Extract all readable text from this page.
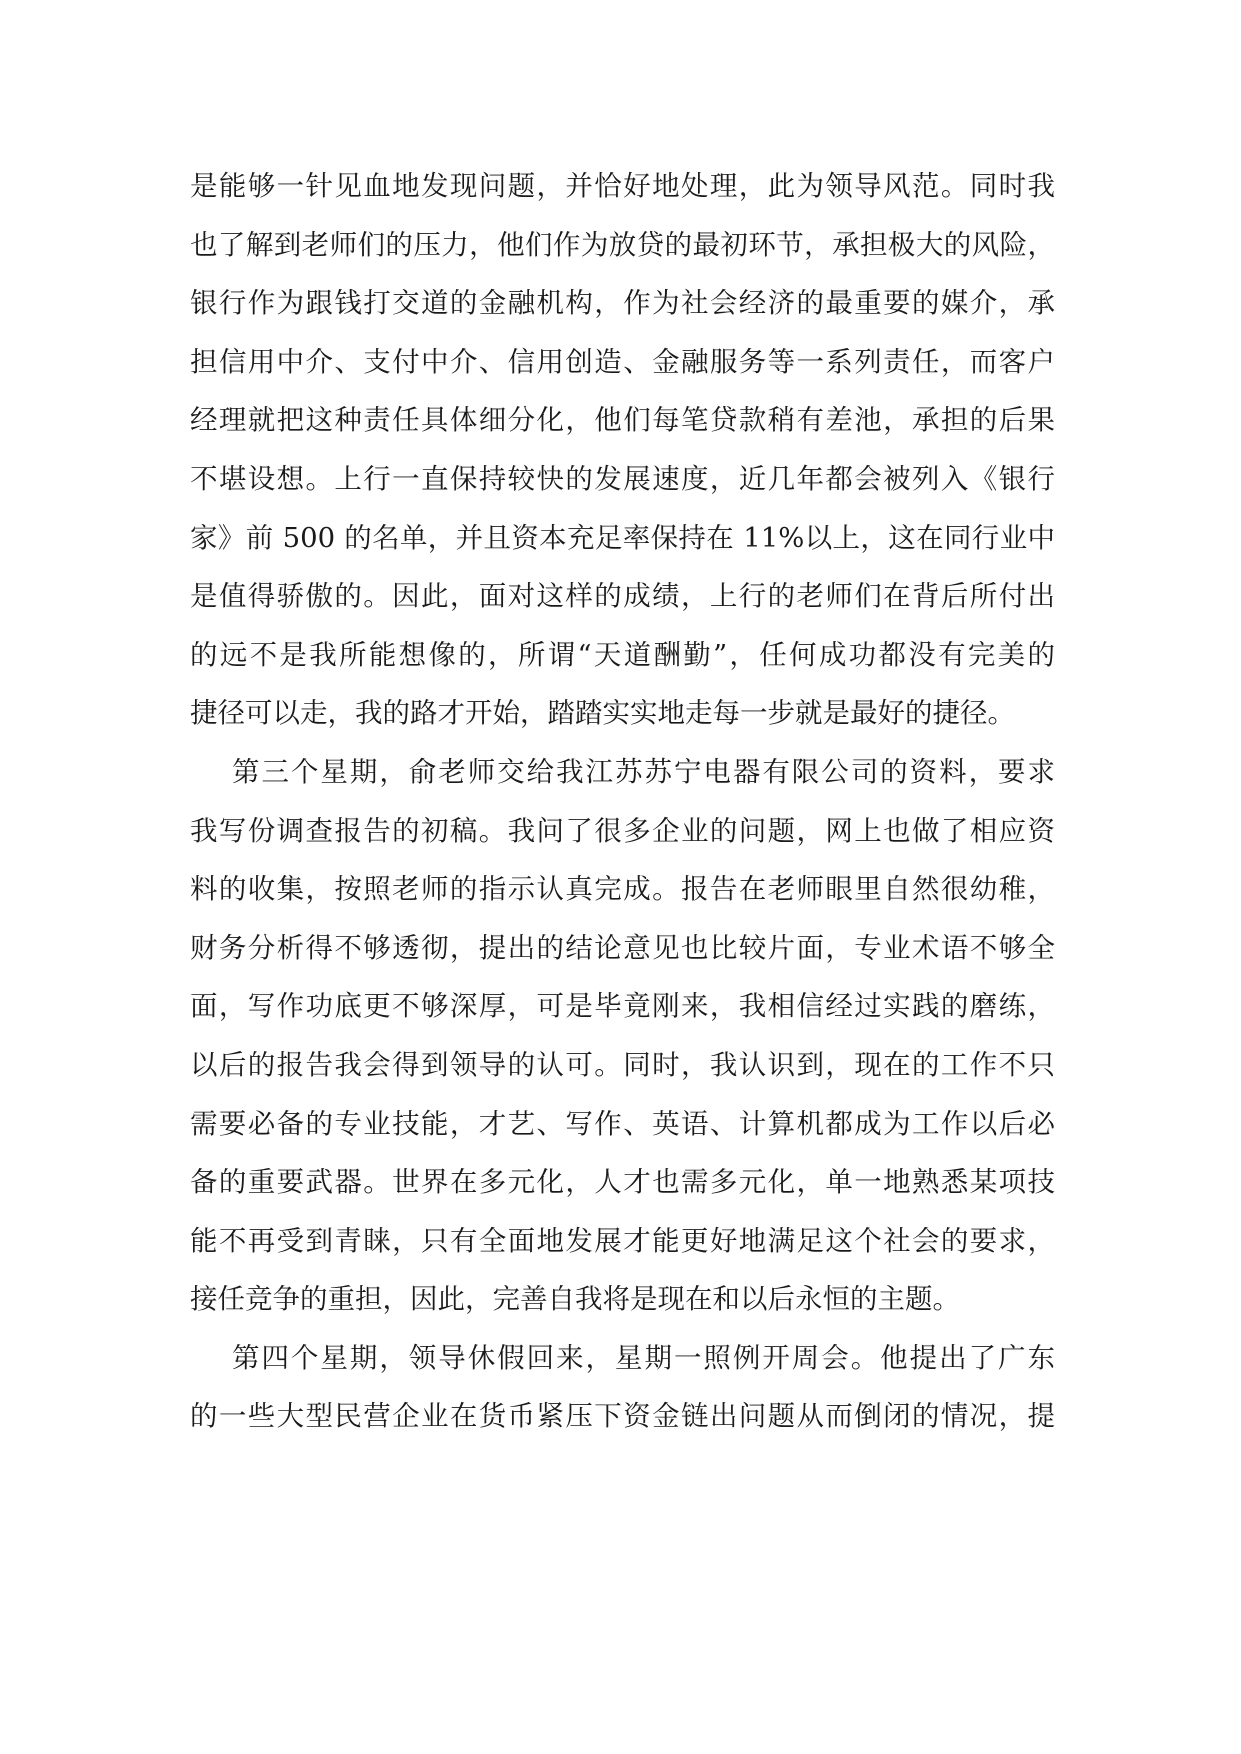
是能够一针见血地发现问题，并恰好地处理，此为领导风范。同时我
也了解到老师们的压力，他们作为放贷的最初环节，承担极大的风险，
银行作为跟钱打交道的金融机构，作为社会经济的最重要的媒介，承
担信用中介、支付中介、信用创造、金融服务等一系列责任，而客户
经理就把这种责任具体细分化，他们每笔贷款稍有差池，承担的后果
不堪设想。上行一直保持较快的发展速度，近几年都会被列入《银行
家》前 500 的名单，并且资本充足率保持在 11%以上，这在同行业中
是值得骄傲的。因此，面对这样的成绩，上行的老师们在背后所付出
的远不是我所能想像的，所谓“天道酬勤”，任何成功都没有完美的
捷径可以走，我的路才开始，踏踏实实地走每一步就是最好的捷径。
第三个星期，俞老师交给我江苏苏宁电器有限公司的资料，要求
我写份调查报告的初稿。我问了很多企业的问题，网上也做了相应资
料的收集，按照老师的指示认真完成。报告在老师眼里自然很幼稚，
财务分析得不够透彻，提出的结论意见也比较片面，专业术语不够全
面，写作功底更不够深厚，可是毕竟刚来，我相信经过实践的磨练，
以后的报告我会得到领导的认可。同时，我认识到，现在的工作不只
需要必备的专业技能，才艺、写作、英语、计算机都成为工作以后必
备的重要武器。世界在多元化，人才也需多元化，单一地熟悉某项技
能不再受到青睐，只有全面地发展才能更好地满足这个社会的要求，
接任竞争的重担，因此，完善自我将是现在和以后永恒的主题。
第四个星期，领导休假回来，星期一照例开周会。他提出了广东
的一些大型民营企业在货币紧压下资金链出问题从而倒闭的情况，提
